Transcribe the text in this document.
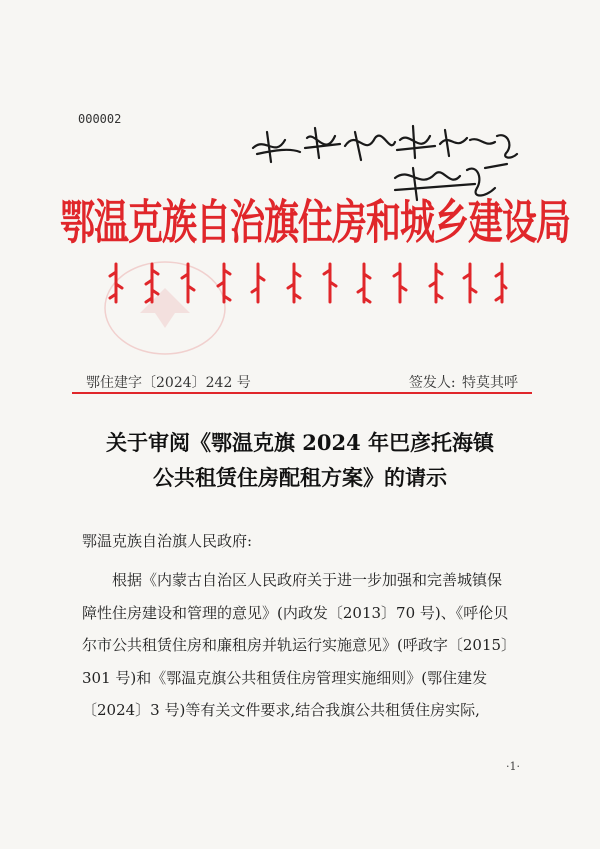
000002
鄂温克族自治旗住房和城乡建设局
鄂住建字〔2024〕242 号	签发人: 特莫其呼
关于审阅《鄂温克旗 2024 年巴彦托海镇
公共租赁住房配租方案》的请示
鄂温克族自治旗人民政府:
根据《内蒙古自治区人民政府关于进一步加强和完善城镇保
障性住房建设和管理的意见》(内政发〔2013〕70 号)、《呼伦贝
尔市公共租赁住房和廉租房并轨运行实施意见》(呼政字〔2015〕
301 号)和《鄂温克旗公共租赁住房管理实施细则》(鄂住建发
〔2024〕3 号)等有关文件要求,结合我旗公共租赁住房实际,
·1·
